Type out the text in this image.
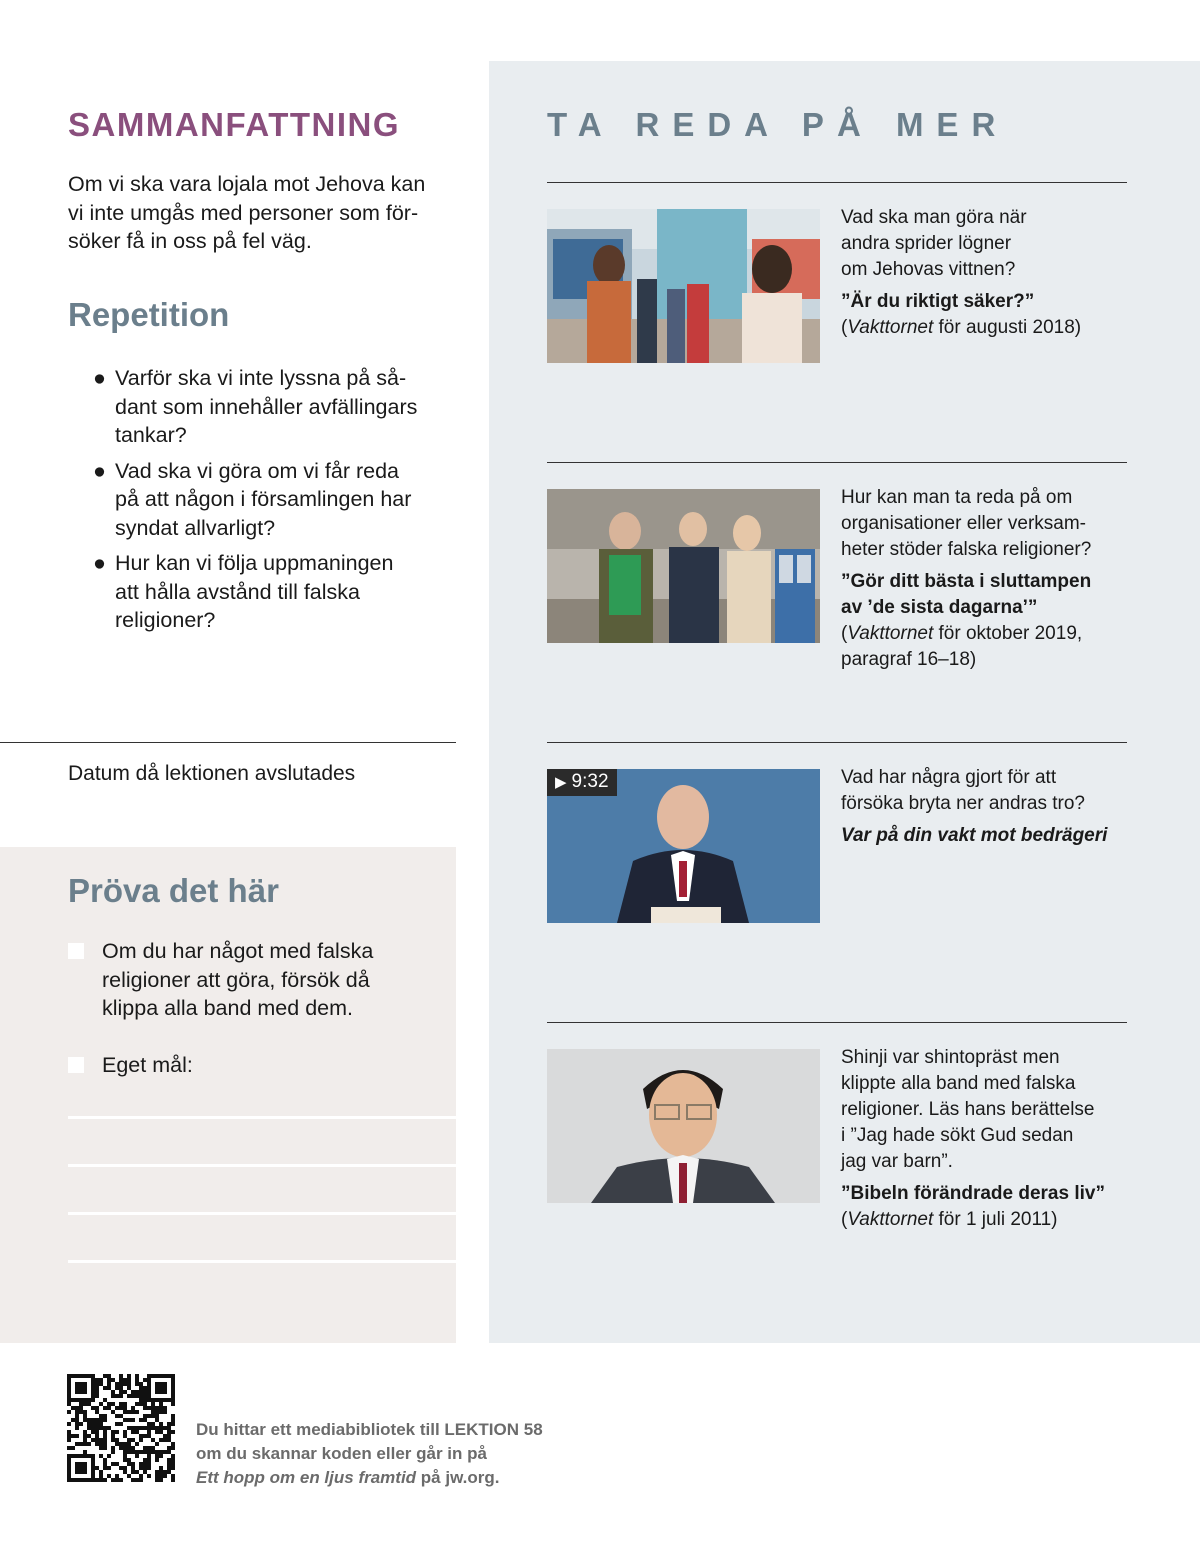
SAMMANFATTNING
Om vi ska vara lojala mot Jehova kan
vi inte umgås med personer som för-
söker få in oss på fel väg.
Repetition
● Varför ska vi inte lyssna på så-
dant som innehåller avfällingars
tankar?
● Vad ska vi göra om vi får reda
på att någon i församlingen har
syndat allvarligt?
● Hur kan vi följa uppmaningen
att hålla avstånd till falska
religioner?
Datum då lektionen avslutades
Pröva det här
Om du har något med falska
religioner att göra, försök då
klippa alla band med dem.
Eget mål:
TA REDA PÅ MER
Vad ska man göra när
andra sprider lögner
om Jehovas vittnen?
”Är du riktigt säker?”
(Vakttornet för augusti 2018)
Hur kan man ta reda på om
organisationer eller verksam-
heter stöder falska religioner?
”Gör ditt bästa i sluttampen
av ’de sista dagarna’”
(Vakttornet för oktober 2019,
paragraf 16–18)
▶ 9:32	Vad har några gjort för att
försöka bryta ner andras tro?
Var på din vakt mot bedrägeri
Shinji var shintopräst men
klippte alla band med falska
religioner. Läs hans berättelse
i ”Jag hade sökt Gud sedan
jag var barn”.
”Bibeln förändrade deras liv”
(Vakttornet för 1 juli 2011)
Du hittar ett mediabibliotek till LEKTION 58
om du skannar koden eller går in på
Ett hopp om en ljus framtid på jw.org.
